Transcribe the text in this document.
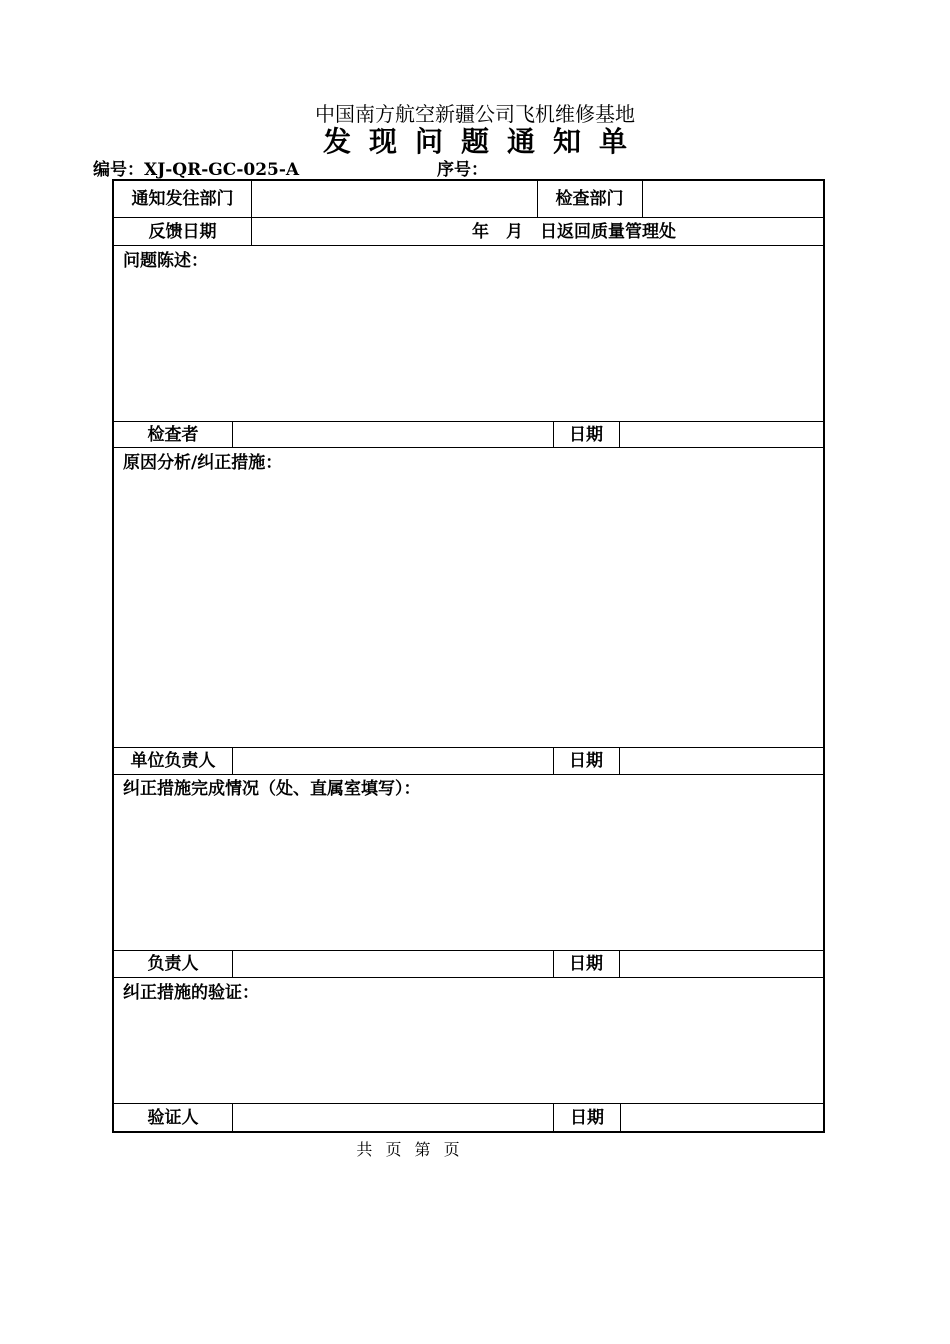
中国南方航空新疆公司飞机维修基地
发现问题通知单
编号：XJ-QR-GC-025-A	序号：
通知发往部门	检查部门
反馈日期	年　月　日返回质量管理处
问题陈述：
检查者	日期
原因分析/纠正措施：
单位负责人	日期
纠正措施完成情况（处、直属室填写）：
负责人	日期
纠正措施的验证：
验证人	日期
共 页 第 页
